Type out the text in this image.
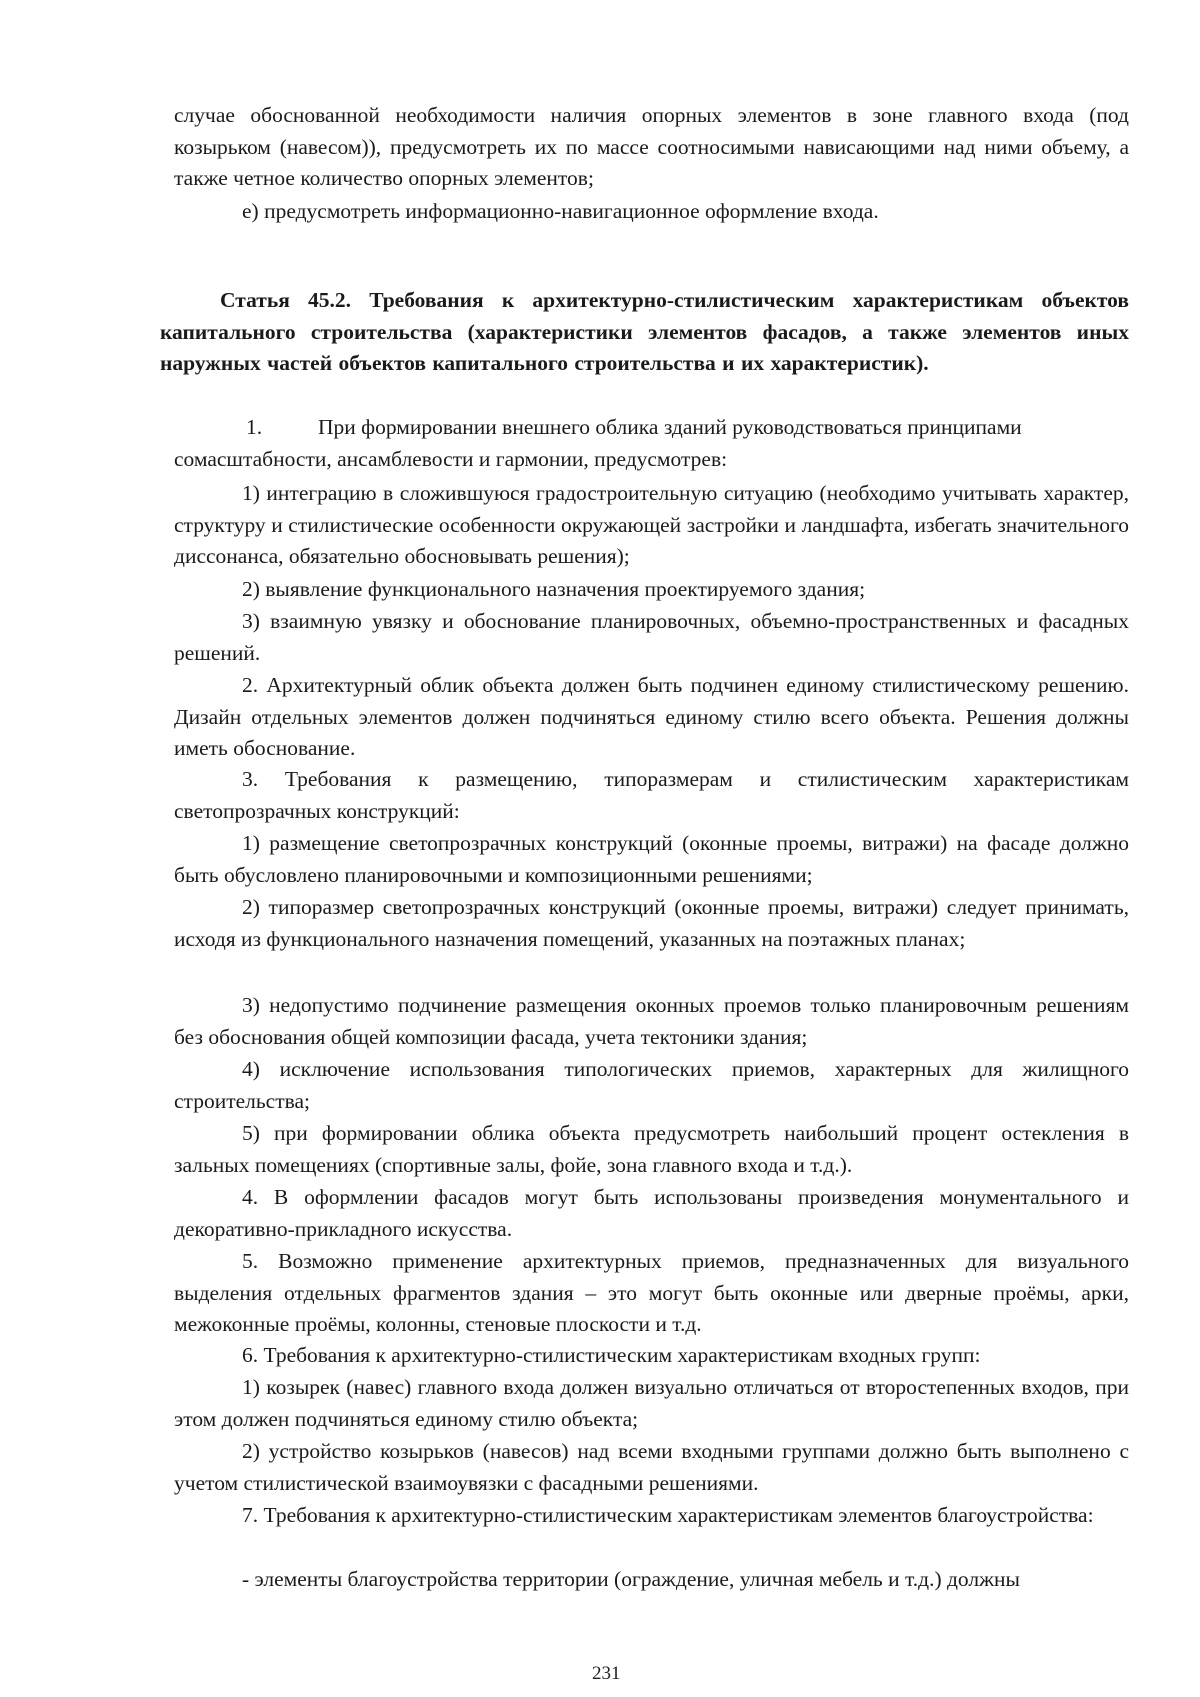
случае обоснованной необходимости наличия опорных элементов в зоне главного входа (под козырьком (навесом)), предусмотреть их по массе соотносимыми нависающими над ними объему, а также четное количество опорных элементов;

е) предусмотреть информационно-навигационное оформление входа.

Статья 45.2. Требования к архитектурно-стилистическим характеристикам объектов капитального строительства (характеристики элементов фасадов, а также элементов иных наружных частей объектов капитального строительства и их характеристик).

1.	При формировании внешнего облика зданий руководствоваться принципами

сомасштабности, ансамблевости и гармонии, предусмотрев:

1) интеграцию в сложившуюся градостроительную ситуацию (необходимо учитывать характер, структуру и стилистические особенности окружающей застройки и ландшафта, избегать значительного диссонанса, обязательно обосновывать решения);

2) выявление функционального назначения проектируемого здания;

3) взаимную увязку и обоснование планировочных, объемно-пространственных и фасадных решений.

2. Архитектурный облик объекта должен быть подчинен единому стилистическому решению. Дизайн отдельных элементов должен подчиняться единому стилю всего объекта. Решения должны иметь обоснование.

3. Требования к размещению, типоразмерам и стилистическим характеристикам светопрозрачных конструкций:

1) размещение светопрозрачных конструкций (оконные проемы, витражи) на фасаде должно быть обусловлено планировочными и композиционными решениями;

2) типоразмер светопрозрачных конструкций (оконные проемы, витражи) следует принимать, исходя из функционального назначения помещений, указанных на поэтажных планах;

3) недопустимо подчинение размещения оконных проемов только планировочным решениям без обоснования общей композиции фасада, учета тектоники здания;

4) исключение использования типологических приемов, характерных для жилищного строительства;

5) при формировании облика объекта предусмотреть наибольший процент остекления в зальных помещениях (спортивные залы, фойе, зона главного входа и т.д.).

4. В оформлении фасадов могут быть использованы произведения монументального и декоративно-прикладного искусства.

5. Возможно применение архитектурных приемов, предназначенных для визуального выделения отдельных фрагментов здания – это могут быть оконные или дверные проёмы, арки, межоконные проёмы, колонны, стеновые плоскости и т.д.

6. Требования к архитектурно-стилистическим характеристикам входных групп:

1) козырек (навес) главного входа должен визуально отличаться от второстепенных входов, при этом должен подчиняться единому стилю объекта;

2) устройство козырьков (навесов) над всеми входными группами должно быть выполнено с учетом стилистической взаимоувязки с фасадными решениями.

7. Требования к архитектурно-стилистическим характеристикам элементов благоустройства:

- элементы благоустройства территории (ограждение, уличная мебель и т.д.) должны

231
